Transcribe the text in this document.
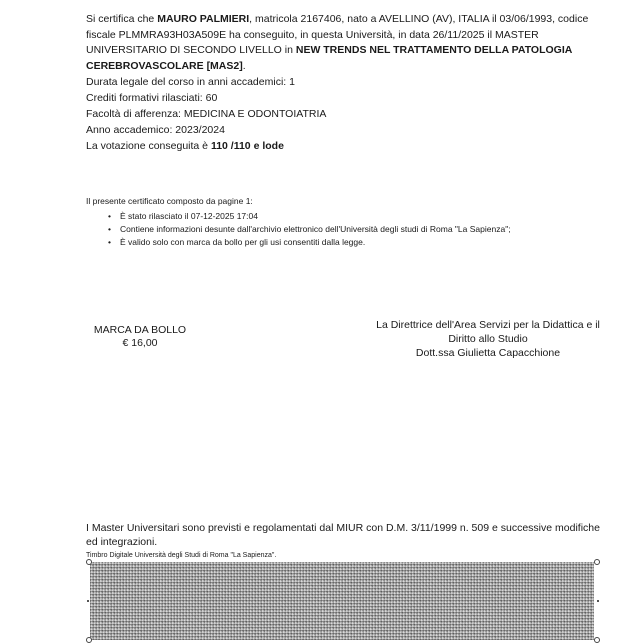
Si certifica che MAURO PALMIERI, matricola 2167406, nato a AVELLINO (AV), ITALIA il 03/06/1993, codice fiscale PLMMRA93H03A509E ha conseguito, in questa Università, in data 26/11/2025 il MASTER UNIVERSITARIO DI SECONDO LIVELLO in NEW TRENDS NEL TRATTAMENTO DELLA PATOLOGIA CEREBROVASCOLARE [MAS2].
Durata legale del corso in anni accademici: 1
Crediti formativi rilasciati: 60
Facoltà di afferenza: MEDICINA E ODONTOIATRIA
Anno accademico: 2023/2024
La votazione conseguita è 110 /110 e lode
Il presente certificato composto da pagine 1:
• È stato rilasciato il 07-12-2025 17:04
• Contiene informazioni desunte dall'archivio elettronico dell'Università degli studi di Roma "La Sapienza";
• È valido solo con marca da bollo per gli usi consentiti dalla legge.
MARCA DA BOLLO
€ 16,00
La Direttrice dell'Area Servizi per la Didattica e il Diritto allo Studio
Dott.ssa Giulietta Capacchione
I Master Universitari sono previsti e regolamentati dal MIUR con D.M. 3/11/1999 n. 509 e successive modifiche ed integrazioni.
Timbro Digitale Università degli Studi di Roma "La Sapienza".
